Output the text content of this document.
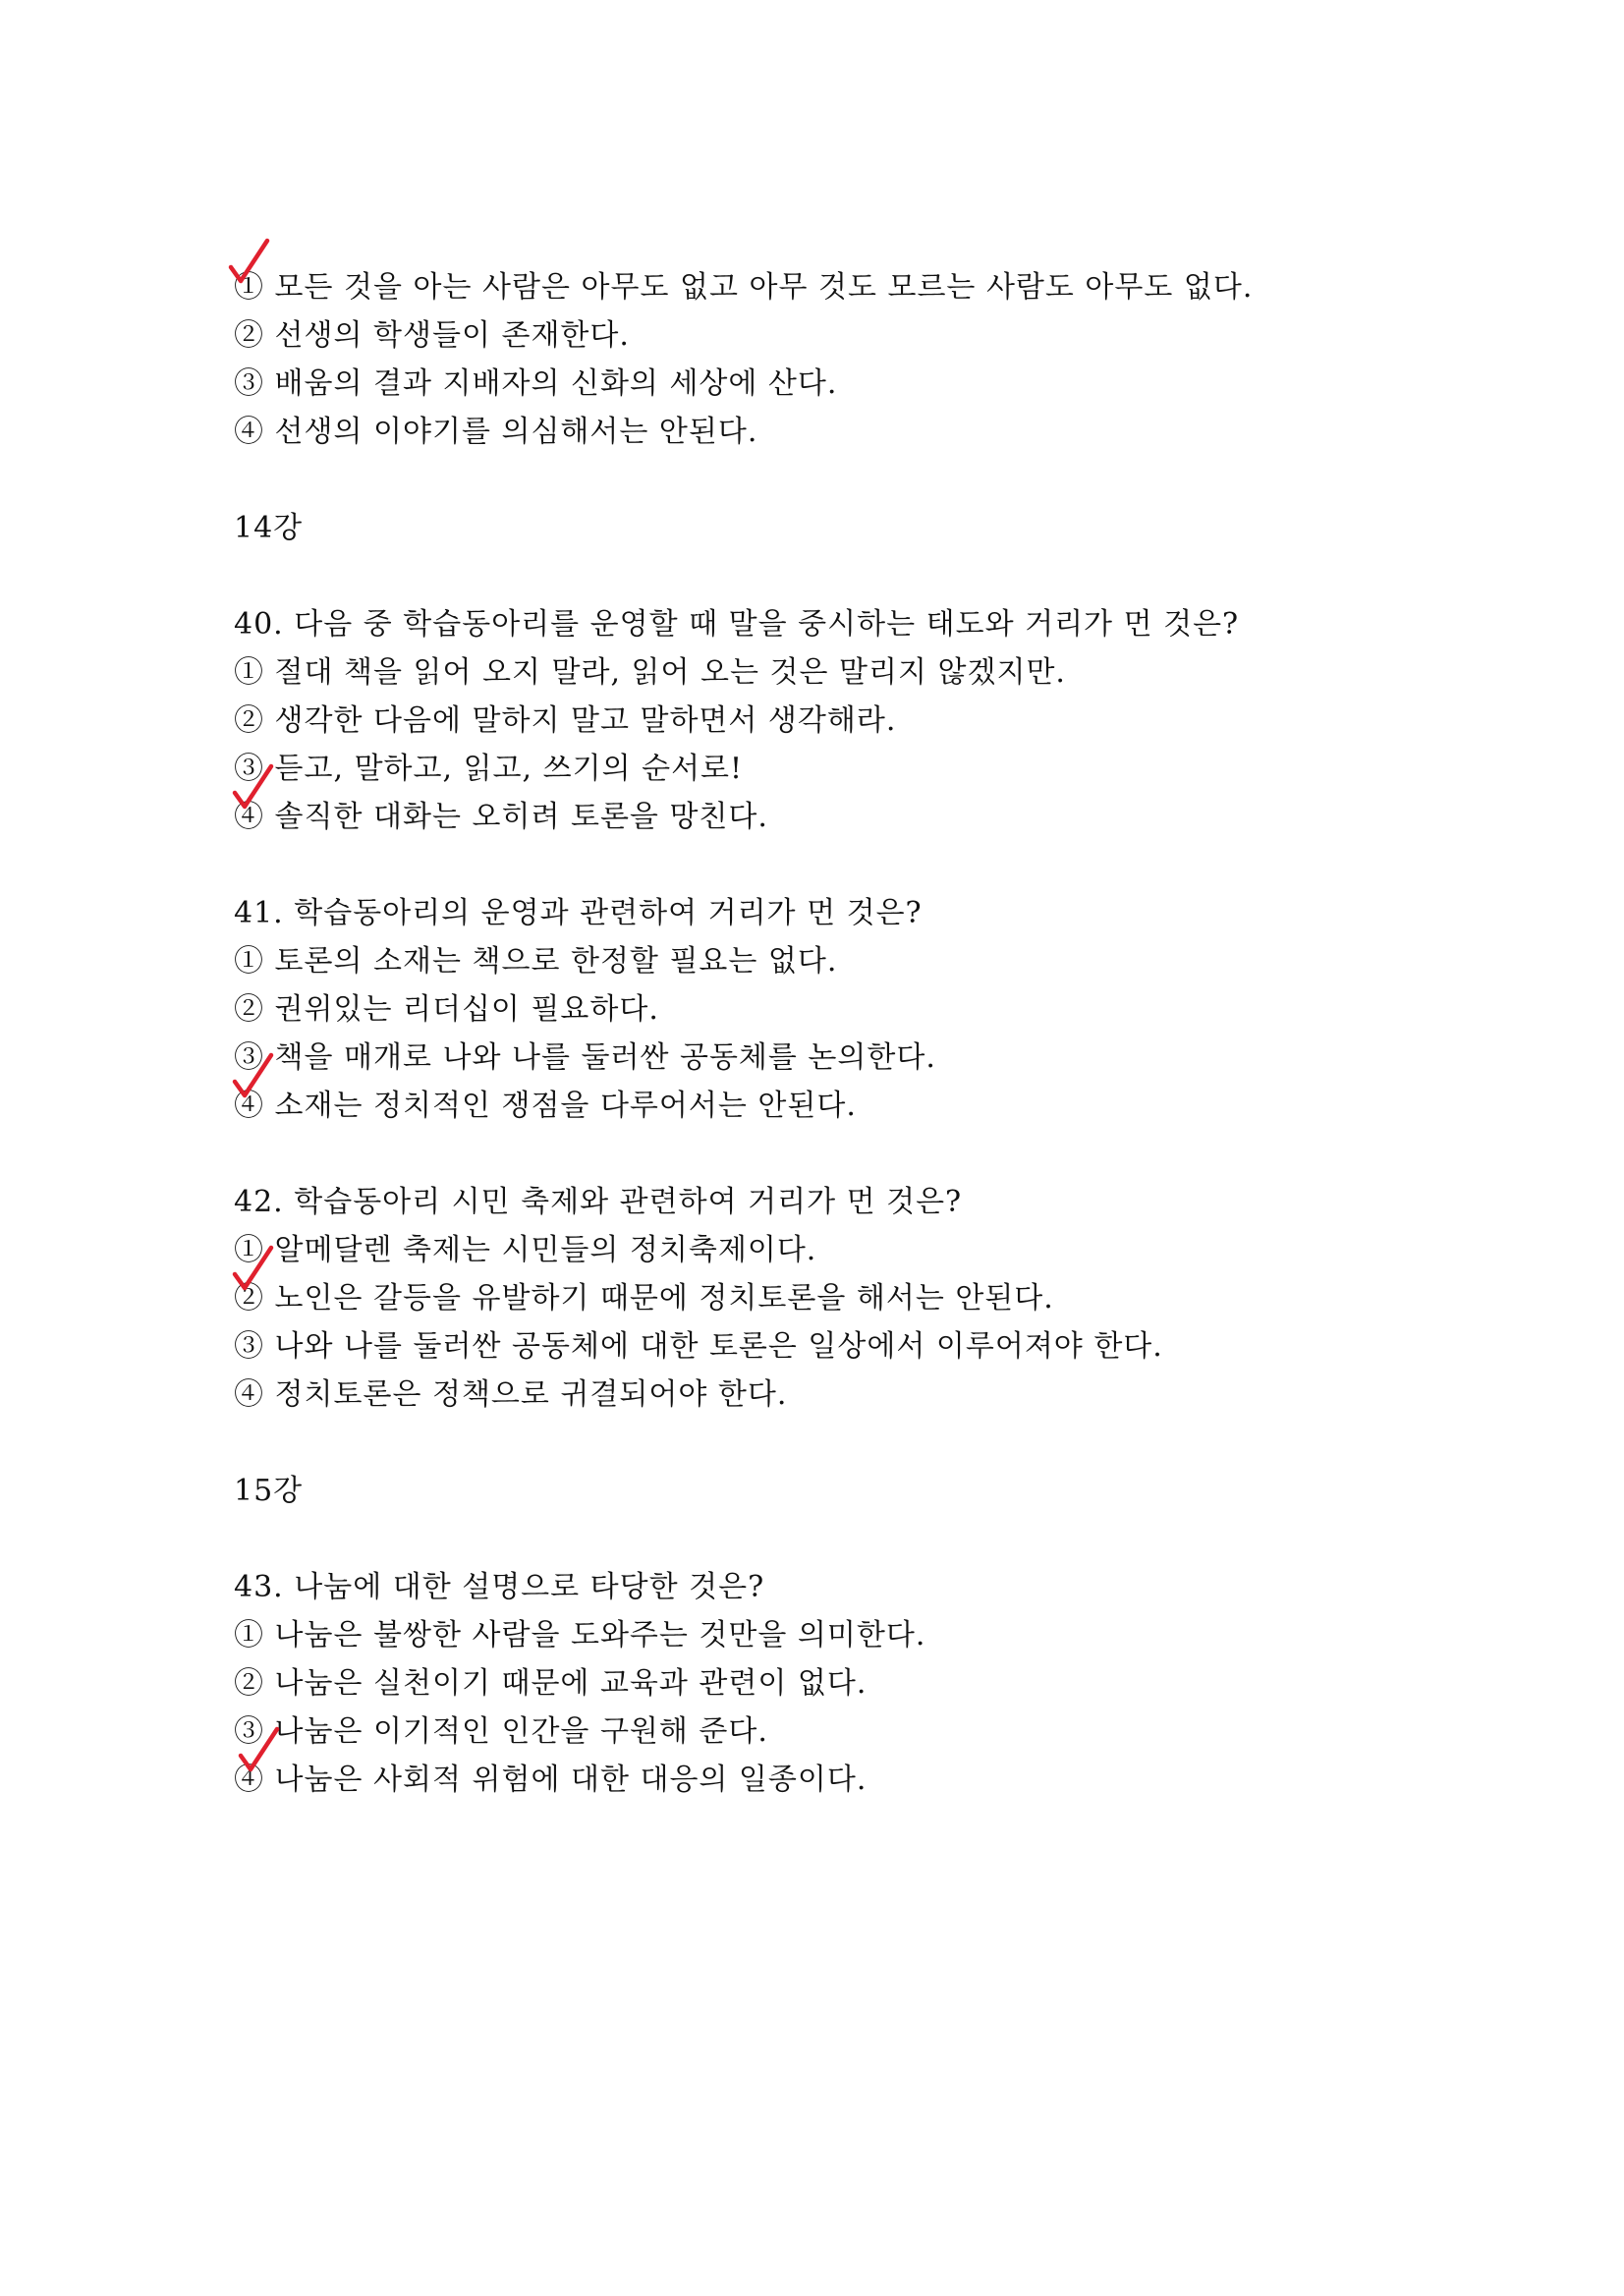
① 모든 것을 아는 사람은 아무도 없고 아무 것도 모르는 사람도 아무도 없다.
② 선생의 학생들이 존재한다.
③ 배움의 결과 지배자의 신화의 세상에 산다.
④ 선생의 이야기를 의심해서는 안된다.
14강
40. 다음 중 학습동아리를 운영할 때 말을 중시하는 태도와 거리가 먼 것은?
① 절대 책을 읽어 오지 말라, 읽어 오는 것은 말리지 않겠지만.
② 생각한 다음에 말하지 말고 말하면서 생각해라.
③ 듣고, 말하고, 읽고, 쓰기의 순서로!
④ 솔직한 대화는 오히려 토론을 망친다.
41. 학습동아리의 운영과 관련하여 거리가 먼 것은?
① 토론의 소재는 책으로 한정할 필요는 없다.
② 권위있는 리더십이 필요하다.
③ 책을 매개로 나와 나를 둘러싼 공동체를 논의한다.
④ 소재는 정치적인 쟁점을 다루어서는 안된다.
42. 학습동아리 시민 축제와 관련하여 거리가 먼 것은?
① 알메달렌 축제는 시민들의 정치축제이다.
② 노인은 갈등을 유발하기 때문에 정치토론을 해서는 안된다.
③ 나와 나를 둘러싼 공동체에 대한 토론은 일상에서 이루어져야 한다.
④ 정치토론은 정책으로 귀결되어야 한다.
15강
43. 나눔에 대한 설명으로 타당한 것은?
① 나눔은 불쌍한 사람을 도와주는 것만을 의미한다.
② 나눔은 실천이기 때문에 교육과 관련이 없다.
③ 나눔은 이기적인 인간을 구원해 준다.
④ 나눔은 사회적 위험에 대한 대응의 일종이다.
